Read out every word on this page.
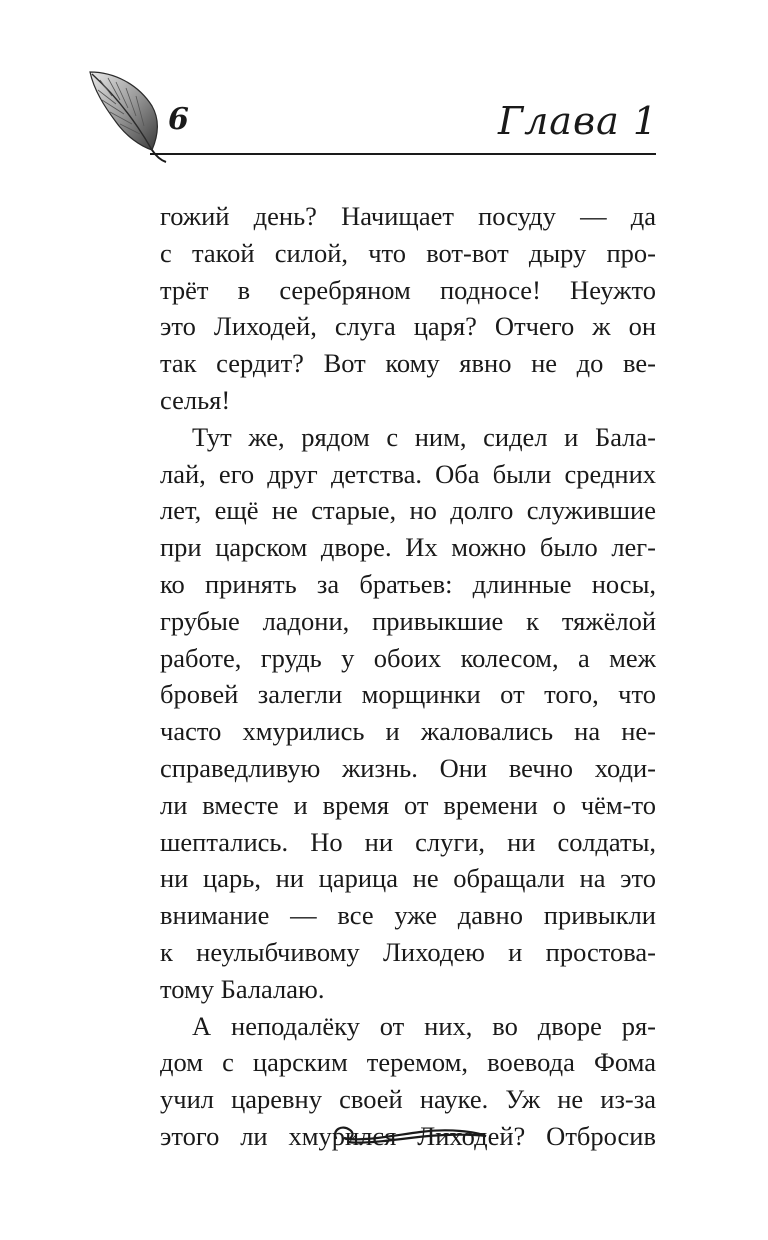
6	Глава 1
гожий день? Начищает посуду — да
с такой силой, что вот-вот дыру про-
трёт в серебряном подносе! Неужто
это Лиходей, слуга царя? Отчего ж он
так сердит? Вот кому явно не до ве-
селья!
Тут же, рядом с ним, сидел и Бала-
лай, его друг детства. Оба были средних
лет, ещё не старые, но долго служившие
при царском дворе. Их можно было лег-
ко принять за братьев: длинные носы,
грубые ладони, привыкшие к тяжёлой
работе, грудь у обоих колесом, а меж
бровей залегли морщинки от того, что
часто хмурились и жаловались на не-
справедливую жизнь. Они вечно ходи-
ли вместе и время от времени о чём-то
шептались. Но ни слуги, ни солдаты,
ни царь, ни царица не обращали на это
внимание — все уже давно привыкли
к неулыбчивому Лиходею и простова-
тому Балалаю.
А неподалёку от них, во дворе ря-
дом с царским теремом, воевода Фома
учил царевну своей науке. Уж не из-за
этого ли хмурился Лиходей? Отбросив
